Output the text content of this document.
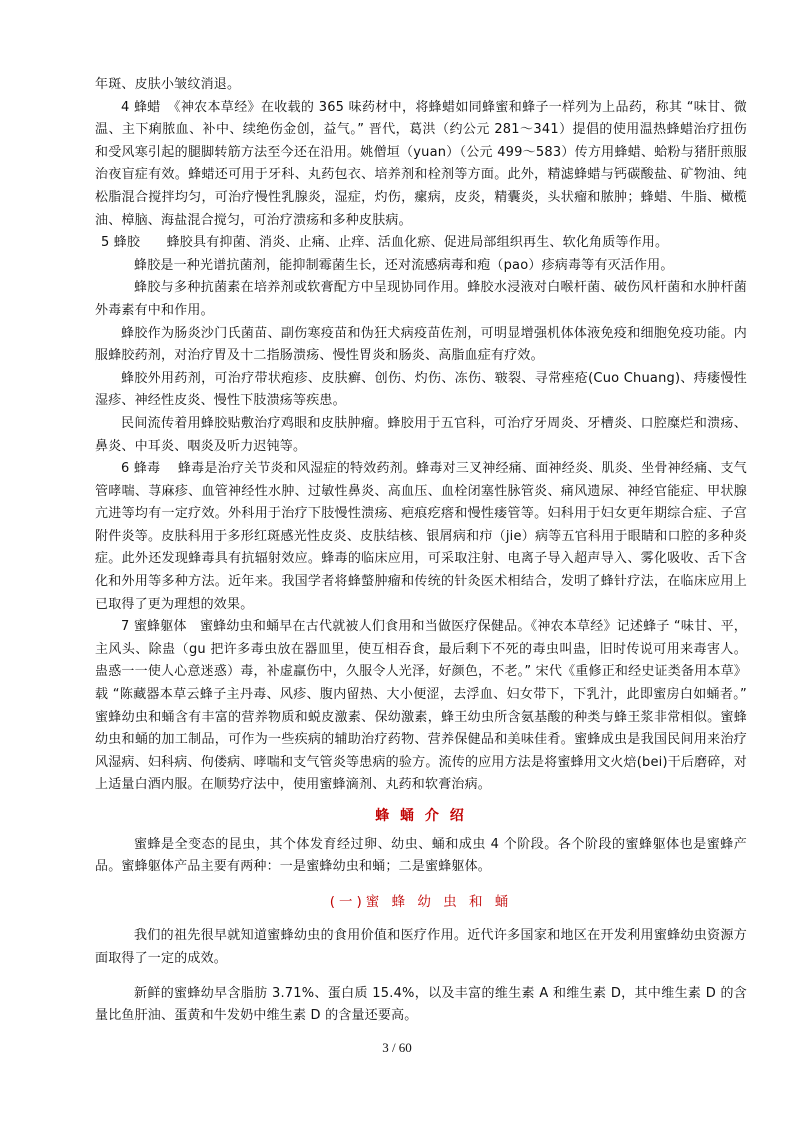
年斑、皮肤小皱纹消退。

4 蜂蜡　《神农本草经》在收载的 365 味药材中，将蜂蜡如同蜂蜜和蜂子一样列为上品药，称其 “味甘、微温、主下痢脓血、补中、续绝伤金创，益气。” 晋代，葛洪（约公元 281～341）提倡的使用温热蜂蜡治疗扭伤和受风寒引起的腿脚转筋方法至今还在沿用。姚僧垣（yuan）（公元 499～583）传方用蜂蜡、蛤粉与猪肝煎服治夜盲症有效。蜂蜡还可用于牙科、丸药包衣、培养剂和栓剂等方面。此外，精滤蜂蜡与钙碳酸盐、矿物油、纯松脂混合搅拌均匀，可治疗慢性乳腺炎，湿症，灼伤，瘰病，皮炎，精囊炎，头状瘤和脓肿；蜂蜡、牛脂、橄榄油、樟脑、海盐混合搅匀，可治疗溃疡和多种皮肤病。

5 蜂胶　　蜂胶具有抑菌、消炎、止痛、止痒、活血化瘀、促进局部组织再生、软化角质等作用。

蜂胶是一种光谱抗菌剂，能抑制霉菌生长，还对流感病毒和疱（pao）疹病毒等有灭活作用。

蜂胶与多种抗菌素在培养剂或软膏配方中呈现协同作用。蜂胶水浸液对白喉杆菌、破伤风杆菌和水肿杆菌外毒素有中和作用。

蜂胶作为肠炎沙门氏菌苗、副伤寒疫苗和伪狂犬病疫苗佐剂，可明显增强机体体液免疫和细胞免疫功能。内服蜂胶药剂，对治疗胃及十二指肠溃疡、慢性胃炎和肠炎、高脂血症有疗效。

蜂胶外用药剂，可治疗带状疱疹、皮肤癣、创伤、灼伤、冻伤、皲裂、寻常痤疮(Cuo Chuang)、痔瘘慢性湿疹、神经性皮炎、慢性下肢溃疡等疾患。

民间流传着用蜂胶贴敷治疗鸡眼和皮肤肿瘤。蜂胶用于五官科，可治疗牙周炎、牙槽炎、口腔糜烂和溃疡、鼻炎、中耳炎、咽炎及听力迟钝等。

6 蜂毒　 蜂毒是治疗关节炎和风湿症的特效药剂。蜂毒对三叉神经痛、面神经炎、肌炎、坐骨神经痛、支气管哮喘、荨麻疹、血管神经性水肿、过敏性鼻炎、高血压、血栓闭塞性脉管炎、痛风遗尿、神经官能症、甲状腺亢进等均有一定疗效。外科用于治疗下肢慢性溃疡、疤痕疙瘩和慢性瘘管等。妇科用于妇女更年期综合症、子宫附件炎等。皮肤科用于多形红斑感光性皮炎、皮肤结核、银屑病和疖（jie）病等五官科用于眼睛和口腔的多种炎症。此外还发现蜂毒具有抗辐射效应。蜂毒的临床应用，可采取注射、电离子导入超声导入、雾化吸收、舌下含化和外用等多种方法。近年来。我国学者将蜂螫肿瘤和传统的针灸医术相结合，发明了蜂针疗法，在临床应用上已取得了更为理想的效果。

7 蜜蜂躯体　蜜蜂幼虫和蛹早在古代就被人们食用和当做医疗保健品。《神农本草经》记述蜂子 “味甘、平，主风头、除蛊（gu 把许多毒虫放在器皿里，使互相吞食，最后剩下不死的毒虫叫蛊，旧时传说可用来毒害人。蛊惑一一使人心意迷惑）毒，补虚羸伤中，久服令人光泽，好颜色，不老。” 宋代《重修正和经史证类备用本草》载 “陈藏器本草云蜂子主丹毒、风疹、腹内留热、大小便涩，去浮血、妇女带下，下乳汁，此即蜜房白如蛹者。” 蜜蜂幼虫和蛹含有丰富的营养物质和蜕皮激素、保幼激素，蜂王幼虫所含氨基酸的种类与蜂王浆非常相似。蜜蜂幼虫和蛹的加工制品，可作为一些疾病的辅助治疗药物、营养保健品和美味佳肴。蜜蜂成虫是我国民间用来治疗风湿病、妇科病、佝偻病、哮喘和支气管炎等患病的验方。流传的应用方法是将蜜蜂用文火焙(bei)干后磨碎，对上适量白酒内服。在顺势疗法中，使用蜜蜂滴剂、丸药和软膏治病。

蜂 蛹 介 绍

蜜蜂是全变态的昆虫，其个体发育经过卵、幼虫、蛹和成虫 4 个阶段。各个阶段的蜜蜂躯体也是蜜蜂产品。蜜蜂躯体产品主要有两种：一是蜜蜂幼虫和蛹；二是蜜蜂躯体。

(一)蜜 蜂 幼 虫 和 蛹

我们的祖先很早就知道蜜蜂幼虫的食用价值和医疗作用。近代许多国家和地区在开发利用蜜蜂幼虫资源方面取得了一定的成效。

新鲜的蜜蜂幼早含脂肪 3.71%、蛋白质 15.4%，以及丰富的维生素 A 和维生素 D，其中维生素 D 的含量比鱼肝油、蛋黄和牛发奶中维生素 D 的含量还要高。

3 / 60
